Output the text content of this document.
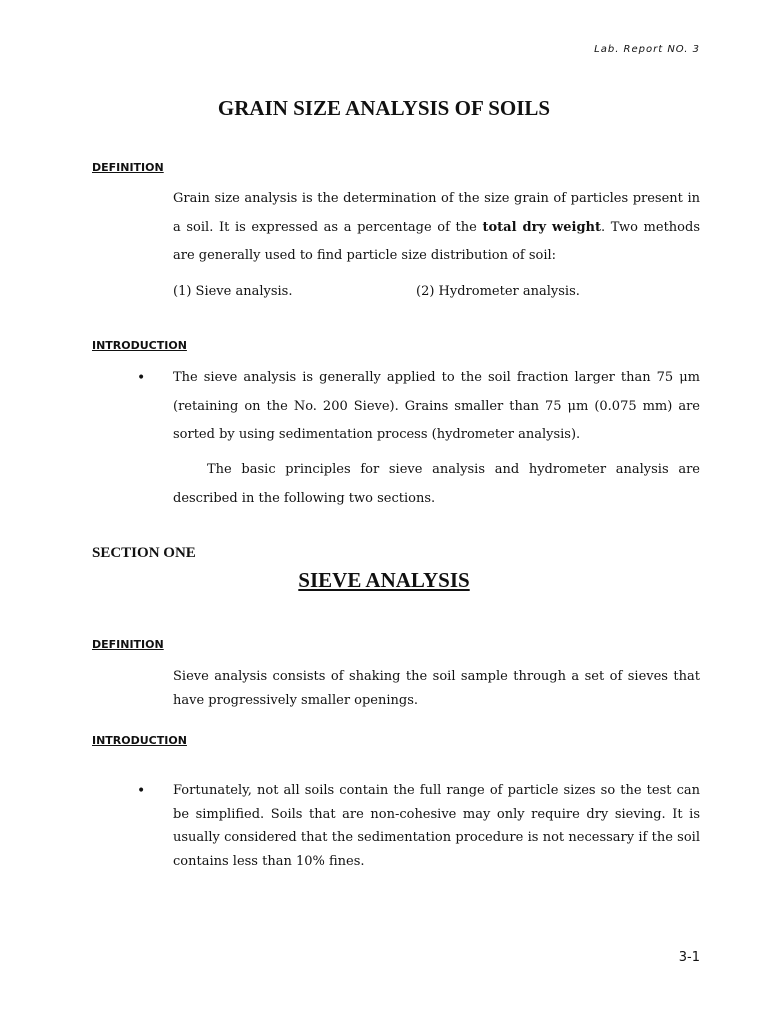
Lab. Report NO. 3
GRAIN SIZE ANALYSIS OF SOILS
DEFINITION
Grain size analysis is the determination of the size grain of particles present in a soil. It is expressed as a percentage of the total dry weight. Two methods are generally used to find particle size distribution of soil:
(1) Sieve analysis.	(2) Hydrometer analysis.
INTRODUCTION
• The sieve analysis is generally applied to the soil fraction larger than 75 μm (retaining on the No. 200 Sieve). Grains smaller than 75 μm (0.075 mm) are sorted by using sedimentation process (hydrometer analysis).
The basic principles for sieve analysis and hydrometer analysis are described in the following two sections.
SECTION ONE
SIEVE ANALYSIS
DEFINITION
Sieve analysis consists of shaking the soil sample through a set of sieves that have progressively smaller openings.
INTRODUCTION
• Fortunately, not all soils contain the full range of particle sizes so the test can be simplified. Soils that are non-cohesive may only require dry sieving. It is usually considered that the sedimentation procedure is not necessary if the soil contains less than 10% fines.
3-1
